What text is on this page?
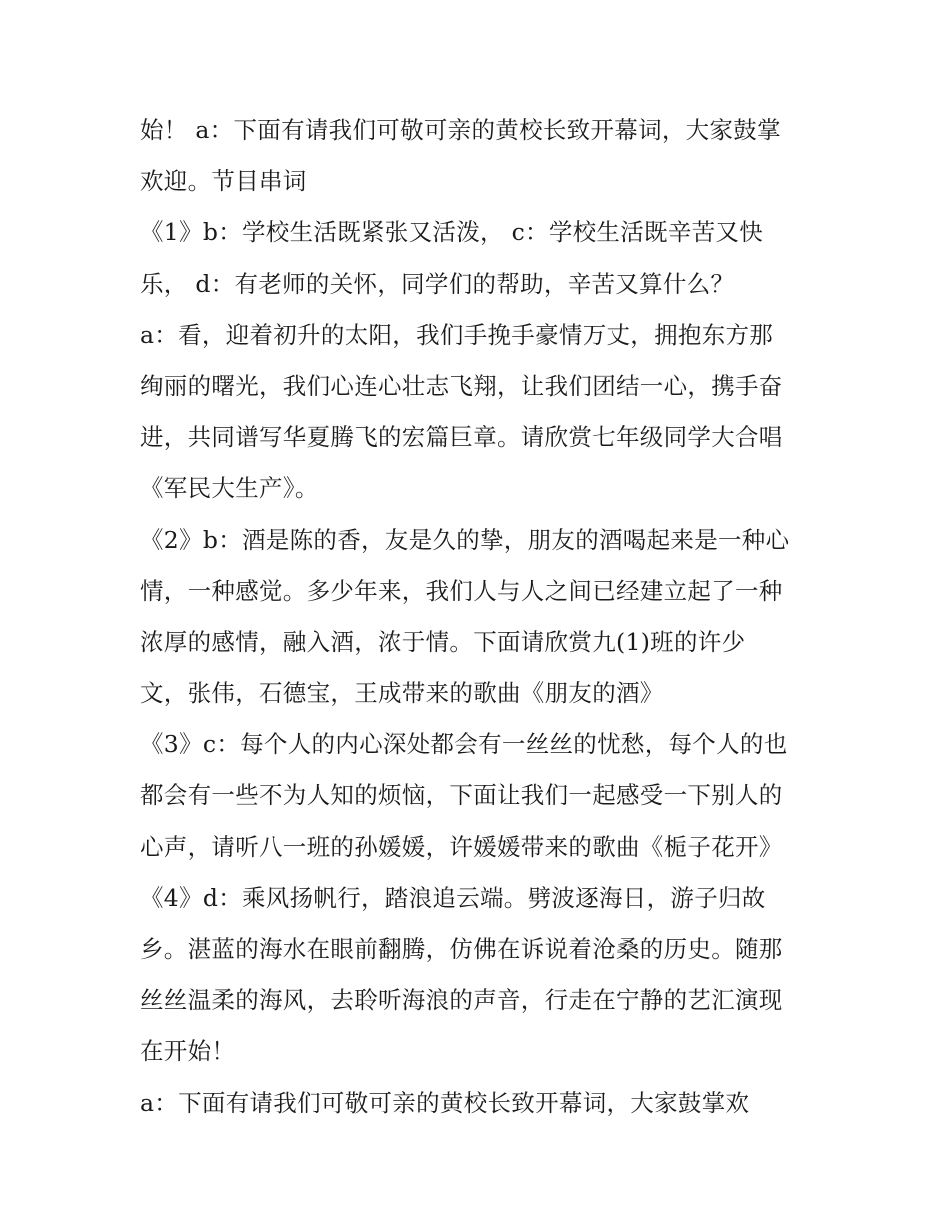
始！ a：下面有请我们可敬可亲的黄校长致开幕词，大家鼓掌
欢迎。节目串词
《1》b：学校生活既紧张又活泼， c：学校生活既辛苦又快
乐， d：有老师的关怀，同学们的帮助，辛苦又算什么？
a：看，迎着初升的太阳，我们手挽手豪情万丈，拥抱东方那
绚丽的曙光，我们心连心壮志飞翔，让我们团结一心，携手奋
进，共同谱写华夏腾飞的宏篇巨章。请欣赏七年级同学大合唱
《军民大生产》。
《2》b：酒是陈的香，友是久的挚，朋友的酒喝起来是一种心
情，一种感觉。多少年来，我们人与人之间已经建立起了一种
浓厚的感情，融入酒，浓于情。下面请欣赏九(1)班的许少
文，张伟，石德宝，王成带来的歌曲《朋友的酒》
《3》c：每个人的内心深处都会有一丝丝的忧愁，每个人的也
都会有一些不为人知的烦恼，下面让我们一起感受一下别人的
心声，请听八一班的孙媛媛，许媛媛带来的歌曲《栀子花开》
《4》d：乘风扬帆行，踏浪追云端。劈波逐海日，游子归故
乡。湛蓝的海水在眼前翻腾，仿佛在诉说着沧桑的历史。随那
丝丝温柔的海风，去聆听海浪的声音，行走在宁静的艺汇演现
在开始！
a：下面有请我们可敬可亲的黄校长致开幕词，大家鼓掌欢
